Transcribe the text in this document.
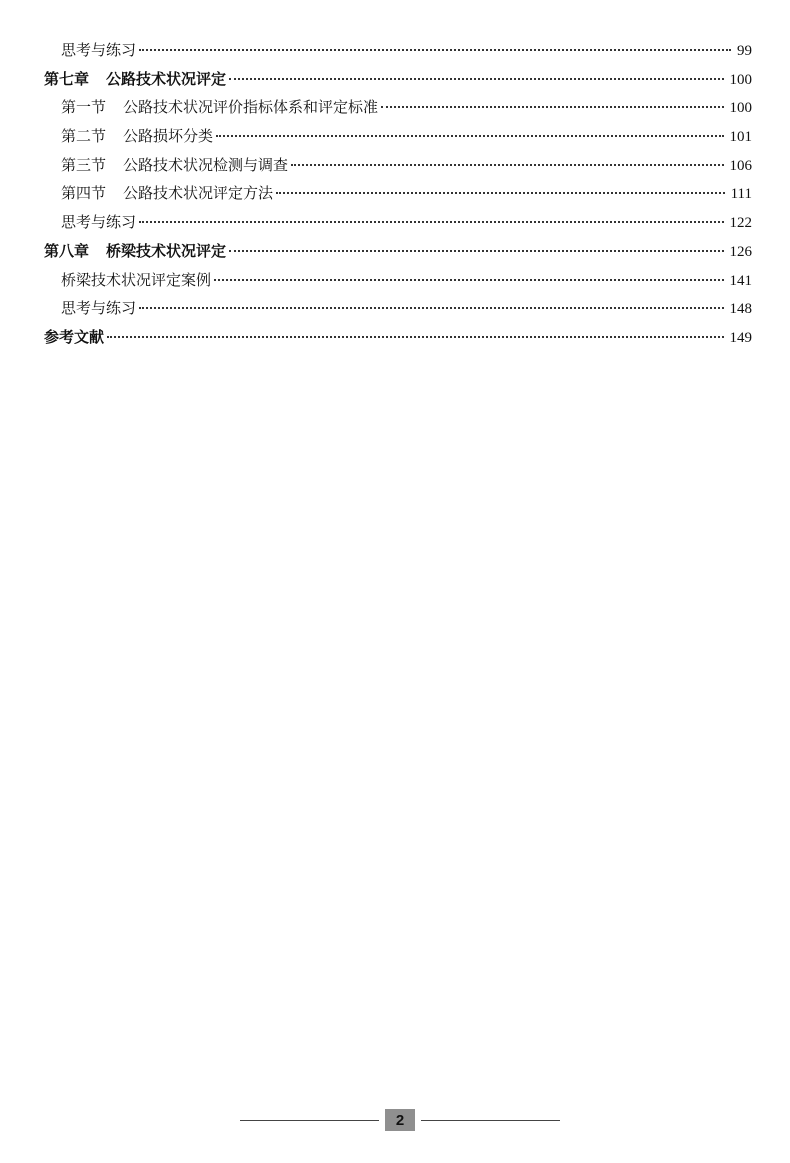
思考与练习	99
第七章 公路技术状况评定	100
第一节 公路技术状况评价指标体系和评定标准	100
第二节 公路损坏分类	101
第三节 公路技术状况检测与调查	106
第四节 公路技术状况评定方法	111
思考与练习	122
第八章 桥梁技术状况评定	126
桥梁技术状况评定案例	141
思考与练习	148
参考文献	149
2
